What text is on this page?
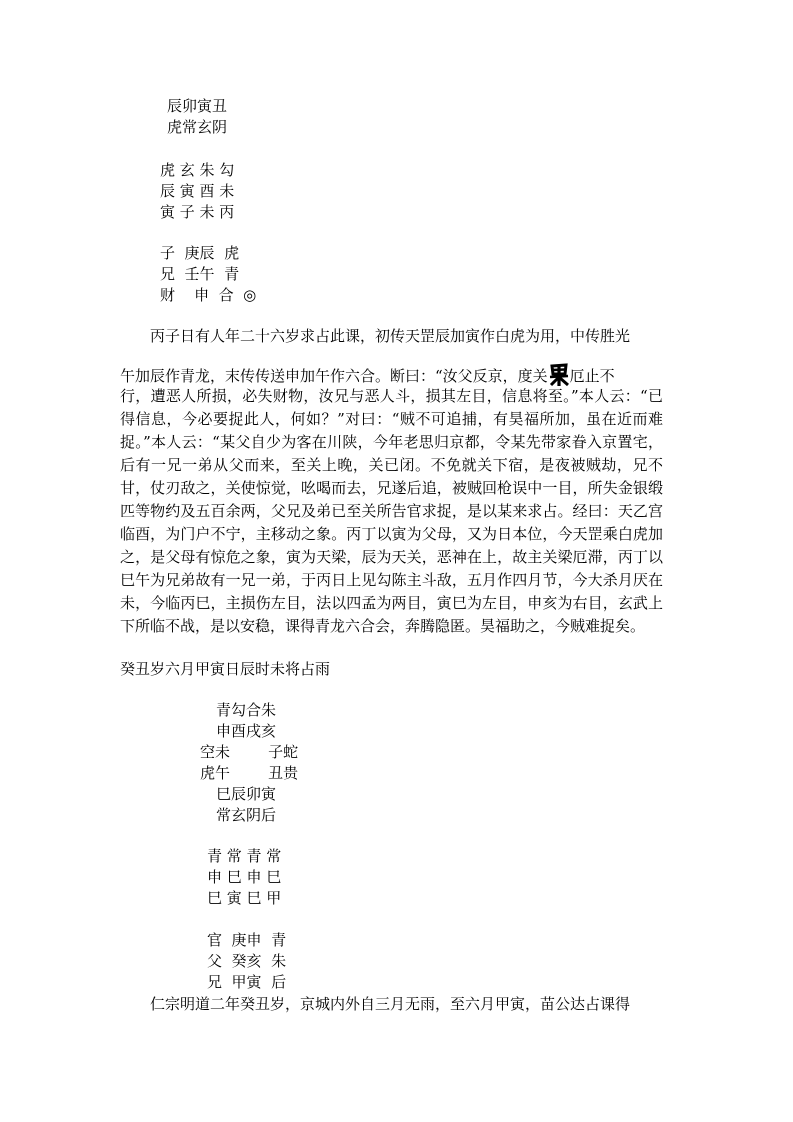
辰卯寅丑
虎常玄阴
虎 玄 朱 勾
辰 寅 酉 未
寅 子 未 丙
子  庚辰  虎
兄  壬午  青
财    申  合  ◎
丙子日有人年二十六岁求占此课，初传天罡辰加寅作白虎为用，中传胜光
午加辰作青龙，末传传送申加午作六合。断曰：“汝父反京，度关 厄止不

行，遭恶人所损，必失财物，汝兄与恶人斗，损其左目，信息将至。”本人云：“已得信息，今必要捉此人，何如？”对曰：“贼不可追捕，有昊福所加，虽在近而难捉。”本人云：“某父自少为客在川陕，今年老思归京都，令某先带家眷入京置宅，后有一兄一弟从父而来，至关上晚，关已闭。不免就关下宿，是夜被贼劫，兄不甘，仗刃敌之，关使惊觉，吆喝而去，兄遂后追，被贼回枪误中一目，所失金银缎匹等物约及五百余两，父兄及弟已至关所告官求捉，是以某来求占。经曰：天乙宫临酉，为门户不宁，主移动之象。丙丁以寅为父母，又为日本位，今天罡乘白虎加之，是父母有惊危之象，寅为天梁，辰为天关，恶神在上，故主关梁厄滞，丙丁以巳午为兄弟故有一兄一弟，于丙日上见勾陈主斗敌，五月作四月节，今大杀月厌在未，今临丙巳，主损伤左目，法以四孟为两目，寅巳为左目，申亥为右目，玄武上下所临不战，是以安稳，课得青龙六合会，奔腾隐匿。昊福助之，今贼难捉矣。

癸丑岁六月甲寅日辰时未将占雨
青勾合朱
申酉戌亥
空未        子蛇
虎午        丑贵
巳辰卯寅
常玄阴后
青 常 青 常
申 巳 申 巳
巳 寅 巳 甲
官  庚申  青
父  癸亥  朱
兄  甲寅  后
仁宗明道二年癸丑岁，京城内外自三月无雨，至六月甲寅，苗公达占课得
